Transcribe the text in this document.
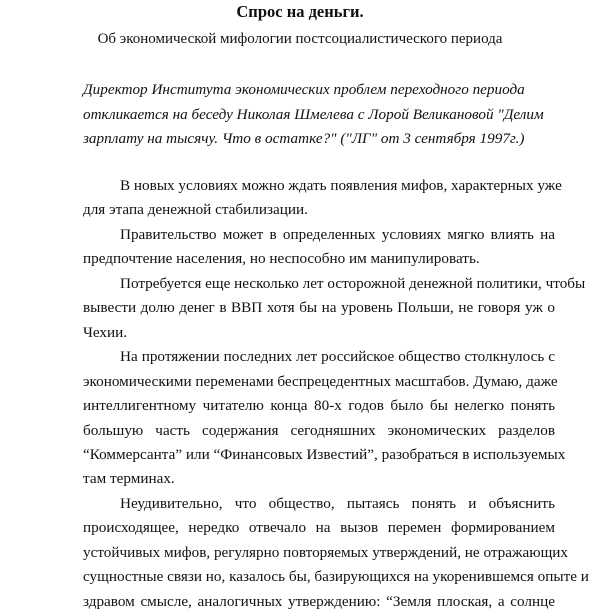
Спрос на деньги.
Об экономической мифологии постсоциалистического периода
Директор Института экономических проблем переходного периода
откликается на беседу Николая Шмелева с Лорой Великановой "Делим
зарплату на тысячу. Что в остатке?" ("ЛГ" от 3 сентября 1997г.)
В новых условиях можно ждать появления мифов, характерных уже
для этапа денежной стабилизации.
Правительство может в определенных условиях мягко влиять на
предпочтение населения, но неспособно им манипулировать.
Потребуется еще несколько лет осторожной денежной политики, чтобы
вывести долю денег в ВВП хотя бы на уровень Польши, не говоря уж о
Чехии.
На протяжении последних лет российское общество столкнулось с
экономическими переменами беспрецедентных масштабов. Думаю, даже
интеллигентному читателю конца 80-х годов было бы нелегко понять
большую часть содержания сегодняшних экономических разделов
“Коммерсанта” или “Финансовых Известий”, разобраться в используемых
там терминах.
Неудивительно, что общество, пытаясь понять и объяснить
происходящее, нередко отвечало на вызов перемен формированием
устойчивых мифов, регулярно повторяемых утверждений, не отражающих
сущностные связи но, казалось бы, базирующихся на укоренившемся опыте и
здравом смысле, аналогичных утверждению: “Земля плоская, а солнце
